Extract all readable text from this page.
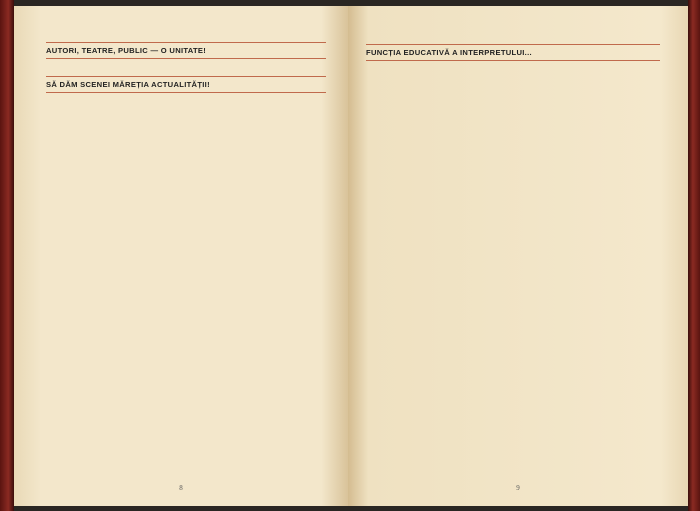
AUTORI, TEATRE, PUBLIC — O UNITATE!
SĂ DĂM SCENEI MĂREȚIA ACTUALITĂȚII!
8
FUNCȚIA EDUCATIVĂ A INTERPRETULUI...
9
